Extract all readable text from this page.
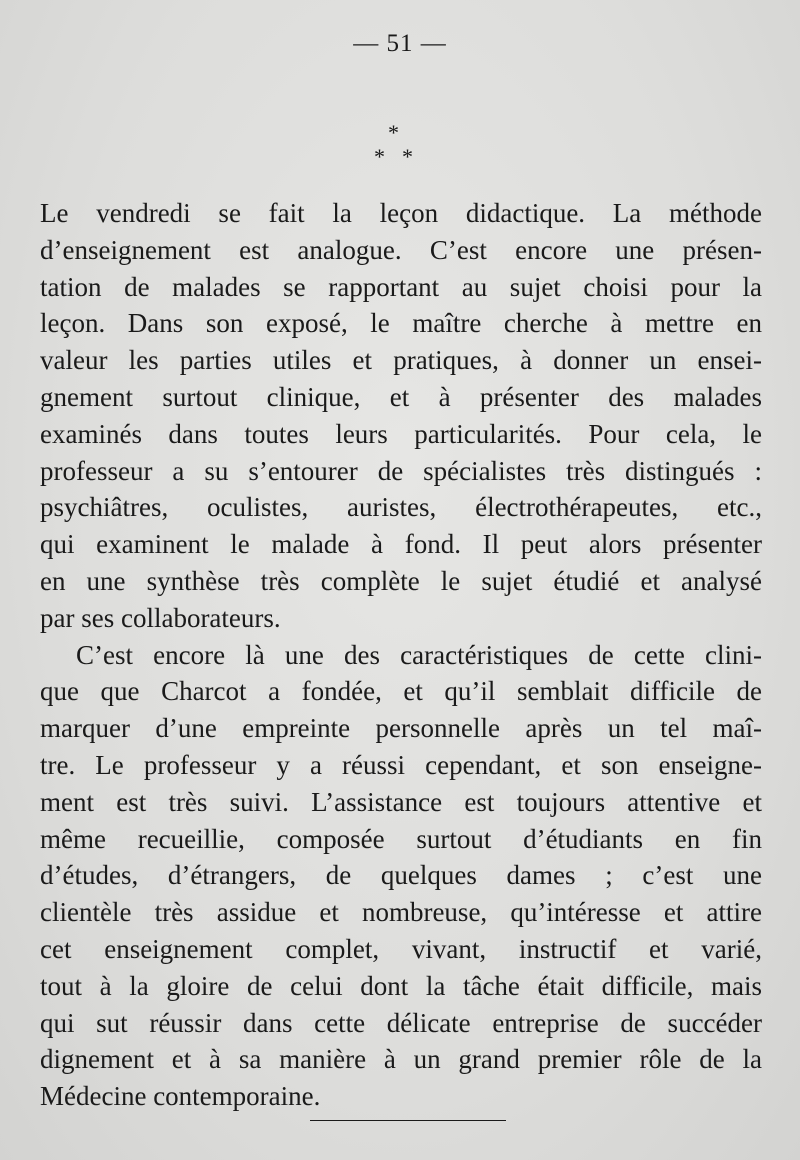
— 51 —
*
* *
Le vendredi se fait la leçon didactique. La méthode
d’enseignement est analogue. C’est encore une présen-
tation de malades se rapportant au sujet choisi pour la
leçon. Dans son exposé, le maître cherche à mettre en
valeur les parties utiles et pratiques, à donner un ensei-
gnement surtout clinique, et à présenter des malades
examinés dans toutes leurs particularités. Pour cela, le
professeur a su s’entourer de spécialistes très distingués :
psychiâtres, oculistes, auristes, électrothérapeutes, etc.,
qui examinent le malade à fond. Il peut alors présenter
en une synthèse très complète le sujet étudié et analysé
par ses collaborateurs.
C’est encore là une des caractéristiques de cette clini-
que que Charcot a fondée, et qu’il semblait difficile de
marquer d’une empreinte personnelle après un tel maî-
tre. Le professeur y a réussi cependant, et son enseigne-
ment est très suivi. L’assistance est toujours attentive et
même recueillie, composée surtout d’étudiants en fin
d’études, d’étrangers, de quelques dames ; c’est une
clientèle très assidue et nombreuse, qu’intéresse et attire
cet enseignement complet, vivant, instructif et varié,
tout à la gloire de celui dont la tâche était difficile, mais
qui sut réussir dans cette délicate entreprise de succéder
dignement et à sa manière à un grand premier rôle de la
Médecine contemporaine.
